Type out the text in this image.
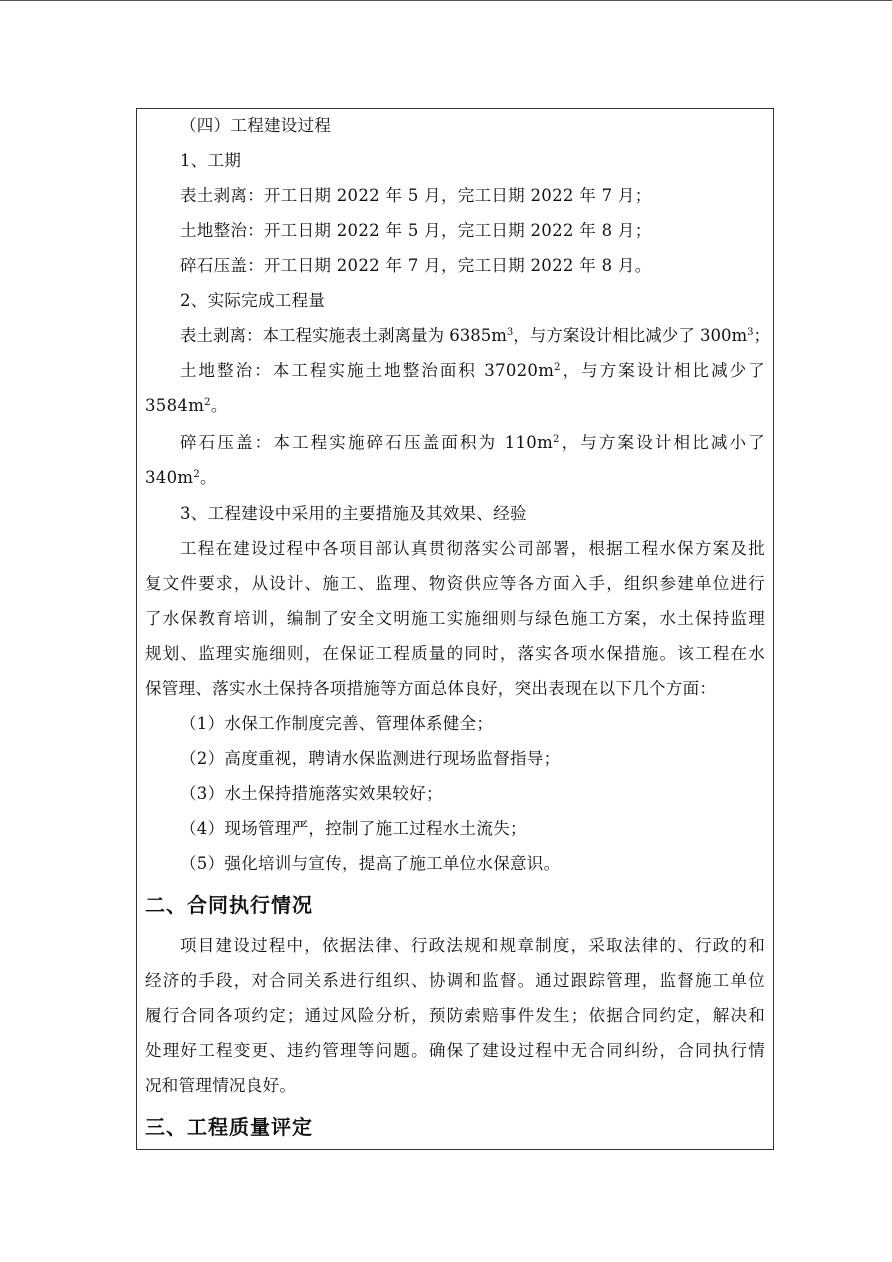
（四）工程建设过程
1、工期
表土剥离：开工日期 2022 年 5 月，完工日期 2022 年 7 月；
土地整治：开工日期 2022 年 5 月，完工日期 2022 年 8 月；
碎石压盖：开工日期 2022 年 7 月，完工日期 2022 年 8 月。
2、实际完成工程量
表土剥离：本工程实施表土剥离量为 $6385m^3$，与方案设计相比减少了 $300m^3$；
土地整治：本工程实施土地整治面积 $37020m^2$，与方案设计相比减少了
$3584m^2$。
碎石压盖：本工程实施碎石压盖面积为 $110m^2$，与方案设计相比减小了
$340m^2$。
3、工程建设中采用的主要措施及其效果、经验
工程在建设过程中各项目部认真贯彻落实公司部署，根据工程水保方案及批
复文件要求，从设计、施工、监理、物资供应等各方面入手，组织参建单位进行
了水保教育培训，编制了安全文明施工实施细则与绿色施工方案，水土保持监理
规划、监理实施细则，在保证工程质量的同时，落实各项水保措施。该工程在水
保管理、落实水土保持各项措施等方面总体良好，突出表现在以下几个方面：
（1）水保工作制度完善、管理体系健全；
（2）高度重视，聘请水保监测进行现场监督指导；
（3）水土保持措施落实效果较好；
（4）现场管理严，控制了施工过程水土流失；
（5）强化培训与宣传，提高了施工单位水保意识。
二、合同执行情况
项目建设过程中，依据法律、行政法规和规章制度，采取法律的、行政的和
经济的手段，对合同关系进行组织、协调和监督。通过跟踪管理，监督施工单位
履行合同各项约定；通过风险分析，预防索赔事件发生；依据合同约定，解决和
处理好工程变更、违约管理等问题。确保了建设过程中无合同纠纷，合同执行情
况和管理情况良好。
三、工程质量评定
